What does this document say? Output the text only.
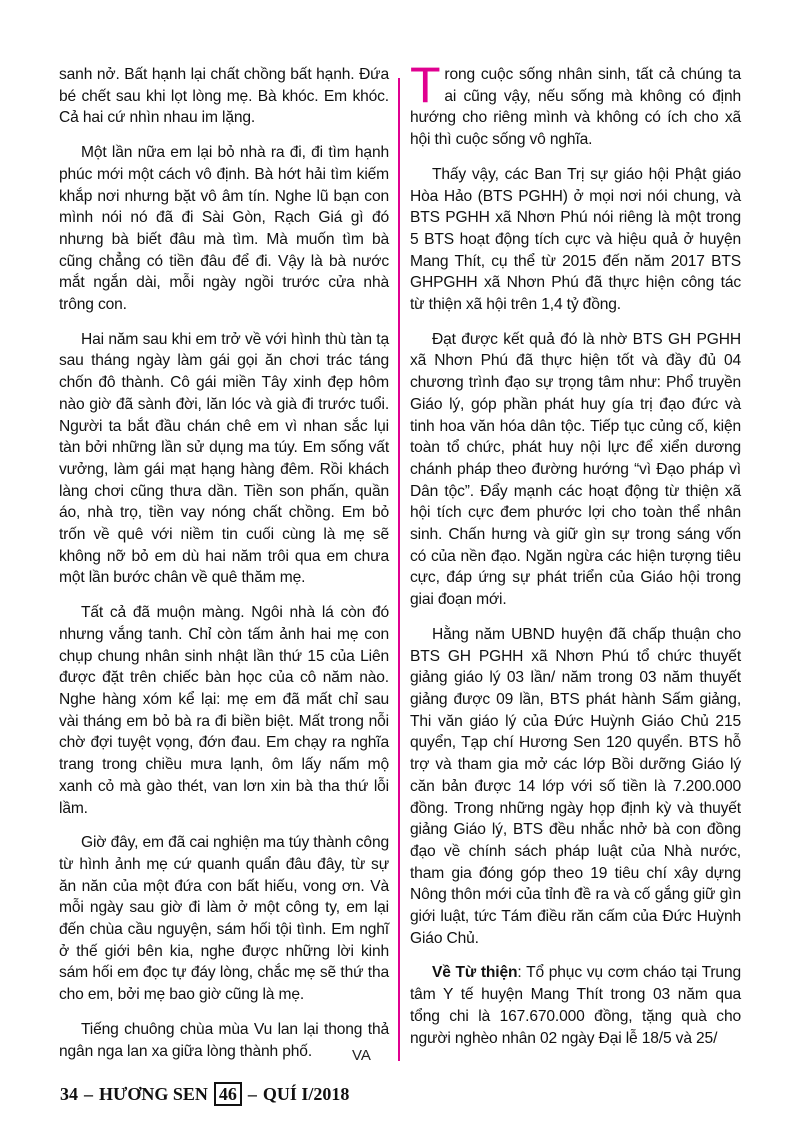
sanh nở. Bất hạnh lại chất chồng bất hạnh. Đứa bé chết sau khi lọt lòng mẹ. Bà khóc. Em khóc. Cả hai cứ nhìn nhau im lặng.

Một lần nữa em lại bỏ nhà ra đi, đi tìm hạnh phúc mới một cách vô định. Bà hớt hải tìm kiếm khắp nơi nhưng bặt vô âm tín. Nghe lũ bạn con mình nói nó đã đi Sài Gòn, Rạch Giá gì đó nhưng bà biết đâu mà tìm. Mà muốn tìm bà cũng chẳng có tiền đâu để đi. Vậy là bà nước mắt ngắn dài, mỗi ngày ngồi trước cửa nhà trông con.

Hai năm sau khi em trở về với hình thù tàn tạ sau tháng ngày làm gái gọi ăn chơi trác táng chốn đô thành. Cô gái miền Tây xinh đẹp hôm nào giờ đã sành đời, lăn lóc và già đi trước tuổi. Người ta bắt đầu chán chê em vì nhan sắc lụi tàn bởi những lần sử dụng ma túy. Em sống vất vưởng, làm gái mạt hạng hàng đêm. Rồi khách làng chơi cũng thưa dần. Tiền son phấn, quần áo, nhà trọ, tiền vay nóng chất chồng. Em bỏ trốn về quê với niềm tin cuối cùng là mẹ sẽ không nỡ bỏ em dù hai năm trôi qua em chưa một lần bước chân về quê thăm mẹ.

Tất cả đã muộn màng. Ngôi nhà lá còn đó nhưng vắng tanh. Chỉ còn tấm ảnh hai mẹ con chụp chung nhân sinh nhật lần thứ 15 của Liên được đặt trên chiếc bàn học của cô năm nào. Nghe hàng xóm kể lại: mẹ em đã mất chỉ sau vài tháng em bỏ bà ra đi biền biệt. Mất trong nỗi chờ đợi tuyệt vọng, đớn đau. Em chạy ra nghĩa trang trong chiều mưa lạnh, ôm lấy nấm mộ xanh cỏ mà gào thét, van lơn xin bà tha thứ lỗi lầm.

Giờ đây, em đã cai nghiện ma túy thành công từ hình ảnh mẹ cứ quanh quẩn đâu đây, từ sự ăn năn của một đứa con bất hiếu, vong ơn. Và mỗi ngày sau giờ đi làm ở một công ty, em lại đến chùa cầu nguyện, sám hối tội tình. Em nghĩ ở thế giới bên kia, nghe được những lời kinh sám hối em đọc tự đáy lòng, chắc mẹ sẽ thứ tha cho em, bởi mẹ bao giờ cũng là mẹ.

Tiếng chuông chùa mùa Vu lan lại thong thả ngân nga lan xa giữa lòng thành phố.

Trong cuộc sống nhân sinh, tất cả chúng ta ai cũng vậy, nếu sống mà không có định hướng cho riêng mình và không có ích cho xã hội thì cuộc sống vô nghĩa.

Thấy vậy, các Ban Trị sự giáo hội Phật giáo Hòa Hảo (BTS PGHH) ở mọi nơi nói chung, và BTS PGHH xã Nhơn Phú nói riêng là một trong 5 BTS hoạt động tích cực và hiệu quả ở huyện Mang Thít, cụ thể từ 2015 đến năm 2017 BTS GHPGHH xã Nhơn Phú đã thực hiện công tác từ thiện xã hội trên 1,4 tỷ đồng.

Đạt được kết quả đó là nhờ BTS GH PGHH xã Nhơn Phú đã thực hiện tốt và đầy đủ 04 chương trình đạo sự trọng tâm như: Phổ truyền Giáo lý, góp phần phát huy gía trị đạo đức và tinh hoa văn hóa dân tộc. Tiếp tục củng cố, kiện toàn tổ chức, phát huy nội lực để xiển dương chánh pháp theo đường hướng “vì Đạo pháp vì Dân tộc”. Đẩy mạnh các hoạt động từ thiện xã hội tích cực đem phước lợi cho toàn thể nhân sinh. Chấn hưng và giữ gìn sự trong sáng vốn có của nền đạo. Ngăn ngừa các hiện tượng tiêu cực, đáp ứng sự phát triển của Giáo hội trong giai đoạn mới.

Hằng năm UBND huyện đã chấp thuận cho BTS GH PGHH xã Nhơn Phú tổ chức thuyết giảng giáo lý 03 lần/ năm trong 03 năm thuyết giảng được 09 lần, BTS phát hành Sấm giảng, Thi văn giáo lý của Đức Huỳnh Giáo Chủ 215 quyển, Tạp chí Hương Sen 120 quyển. BTS hỗ trợ và tham gia mở các lớp Bồi dưỡng Giáo lý căn bản được 14 lớp với số tiền là 7.200.000 đồng. Trong những ngày họp định kỳ và thuyết giảng Giáo lý, BTS đều nhắc nhở bà con đồng đạo về chính sách pháp luật của Nhà nước, tham gia đóng góp theo 19 tiêu chí xây dựng Nông thôn mới của tỉnh đề ra và cố gắng giữ gìn giới luật, tức Tám điều răn cấm của Đức Huỳnh Giáo Chủ.

Về Từ thiện: Tổ phục vụ cơm cháo tại Trung tâm Y tế huyện Mang Thít trong 03 năm qua tổng chi là 167.670.000 đồng, tặng quà cho người nghèo nhân 02 ngày Đại lễ 18/5 và 25/

VA
34 – HƯƠNG SEN 46 – QUÍ I/2018
